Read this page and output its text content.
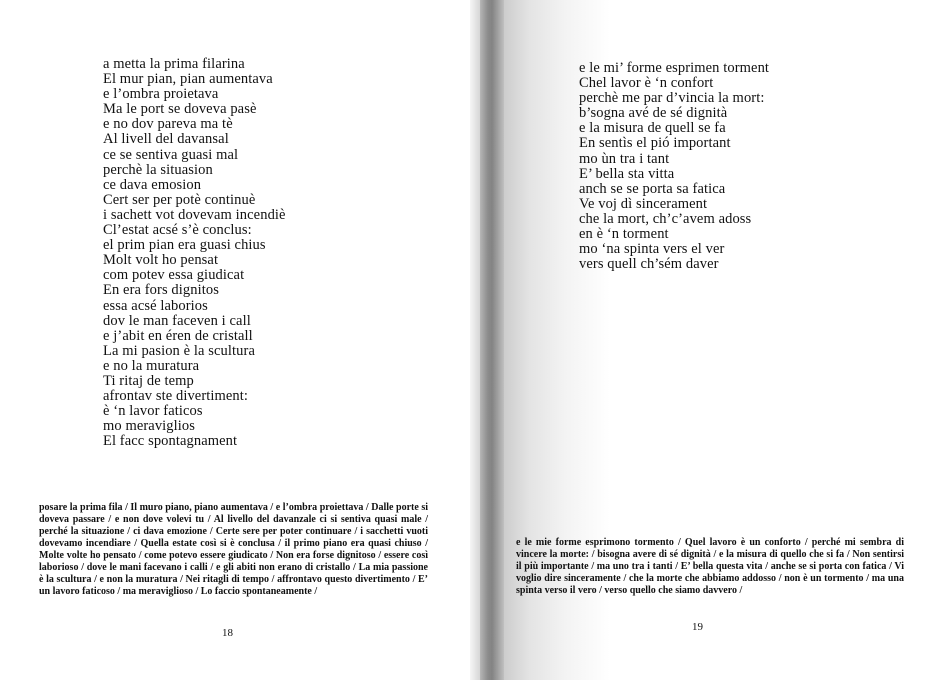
a metta la prima filarina
El mur pian, pian aumentava
e l’ombra proietava
Ma le port se doveva pasè
e no dov pareva ma tè
Al livell del davansal
ce se sentiva guasi mal
perchè la situasion
ce dava emosion
Cert ser per potè continuè
i sachett vot dovevam incendiè
Cl’estat acsé s’è conclus:
el prim pian era guasi chius
Molt volt ho pensat
com potev essa giudicat
En era fors dignitos
essa acsé laborios
dov le man faceven i call
e j’abit en éren de cristall
La mi pasion è la scultura
e no la muratura
Ti ritaj de temp
afrontav ste divertiment:
è ‘n lavor faticos
mo meraviglios
El facc spontagnament

posare la prima fila / Il muro piano, piano aumentava / e l’ombra proiettava / Dalle porte si doveva passare / e non dove volevi tu / Al livello del davanzale ci si sentiva quasi male / perché la situazione / ci dava emozione / Certe sere per poter continuare / i sacchetti vuoti dovevamo incendiare / Quella estate così si è conclusa / il primo piano era quasi chiuso / Molte volte ho pensato / come potevo essere giudicato / Non era forse dignitoso / essere così laborioso / dove le mani facevano i calli / e gli abiti non erano di cristallo / La mia passione è la scultura / e non la muratura / Nei ritagli di tempo / affrontavo questo divertimento / E’ un lavoro faticoso / ma meraviglioso / Lo faccio spontaneamente /

18
e le mi’ forme esprimen torment
Chel lavor è ‘n confort
perchè me par d’vincia la mort:
b’sogna avé de sé dignità
e la misura de quell se fa
En sentìs el pió important
mo ùn tra i tant
E’ bella sta vitta
anch se se porta sa fatica
Ve voj dì sincerament
che la mort, ch’c’avem adoss
en è ‘n torment
mo ‘na spinta vers el ver
vers quell ch’sém daver

e le mie forme esprimono tormento / Quel lavoro è un conforto / perché mi sembra di vincere la morte: / bisogna avere di sé dignità / e la misura di quello che si fa / Non sentirsi il più importante / ma uno tra i tanti / E’ bella questa vita / anche se si porta con fatica / Vi voglio dire sinceramente / che la morte che abbiamo addosso / non è un tormento / ma una spinta verso il vero / verso quello che siamo davvero /

19
